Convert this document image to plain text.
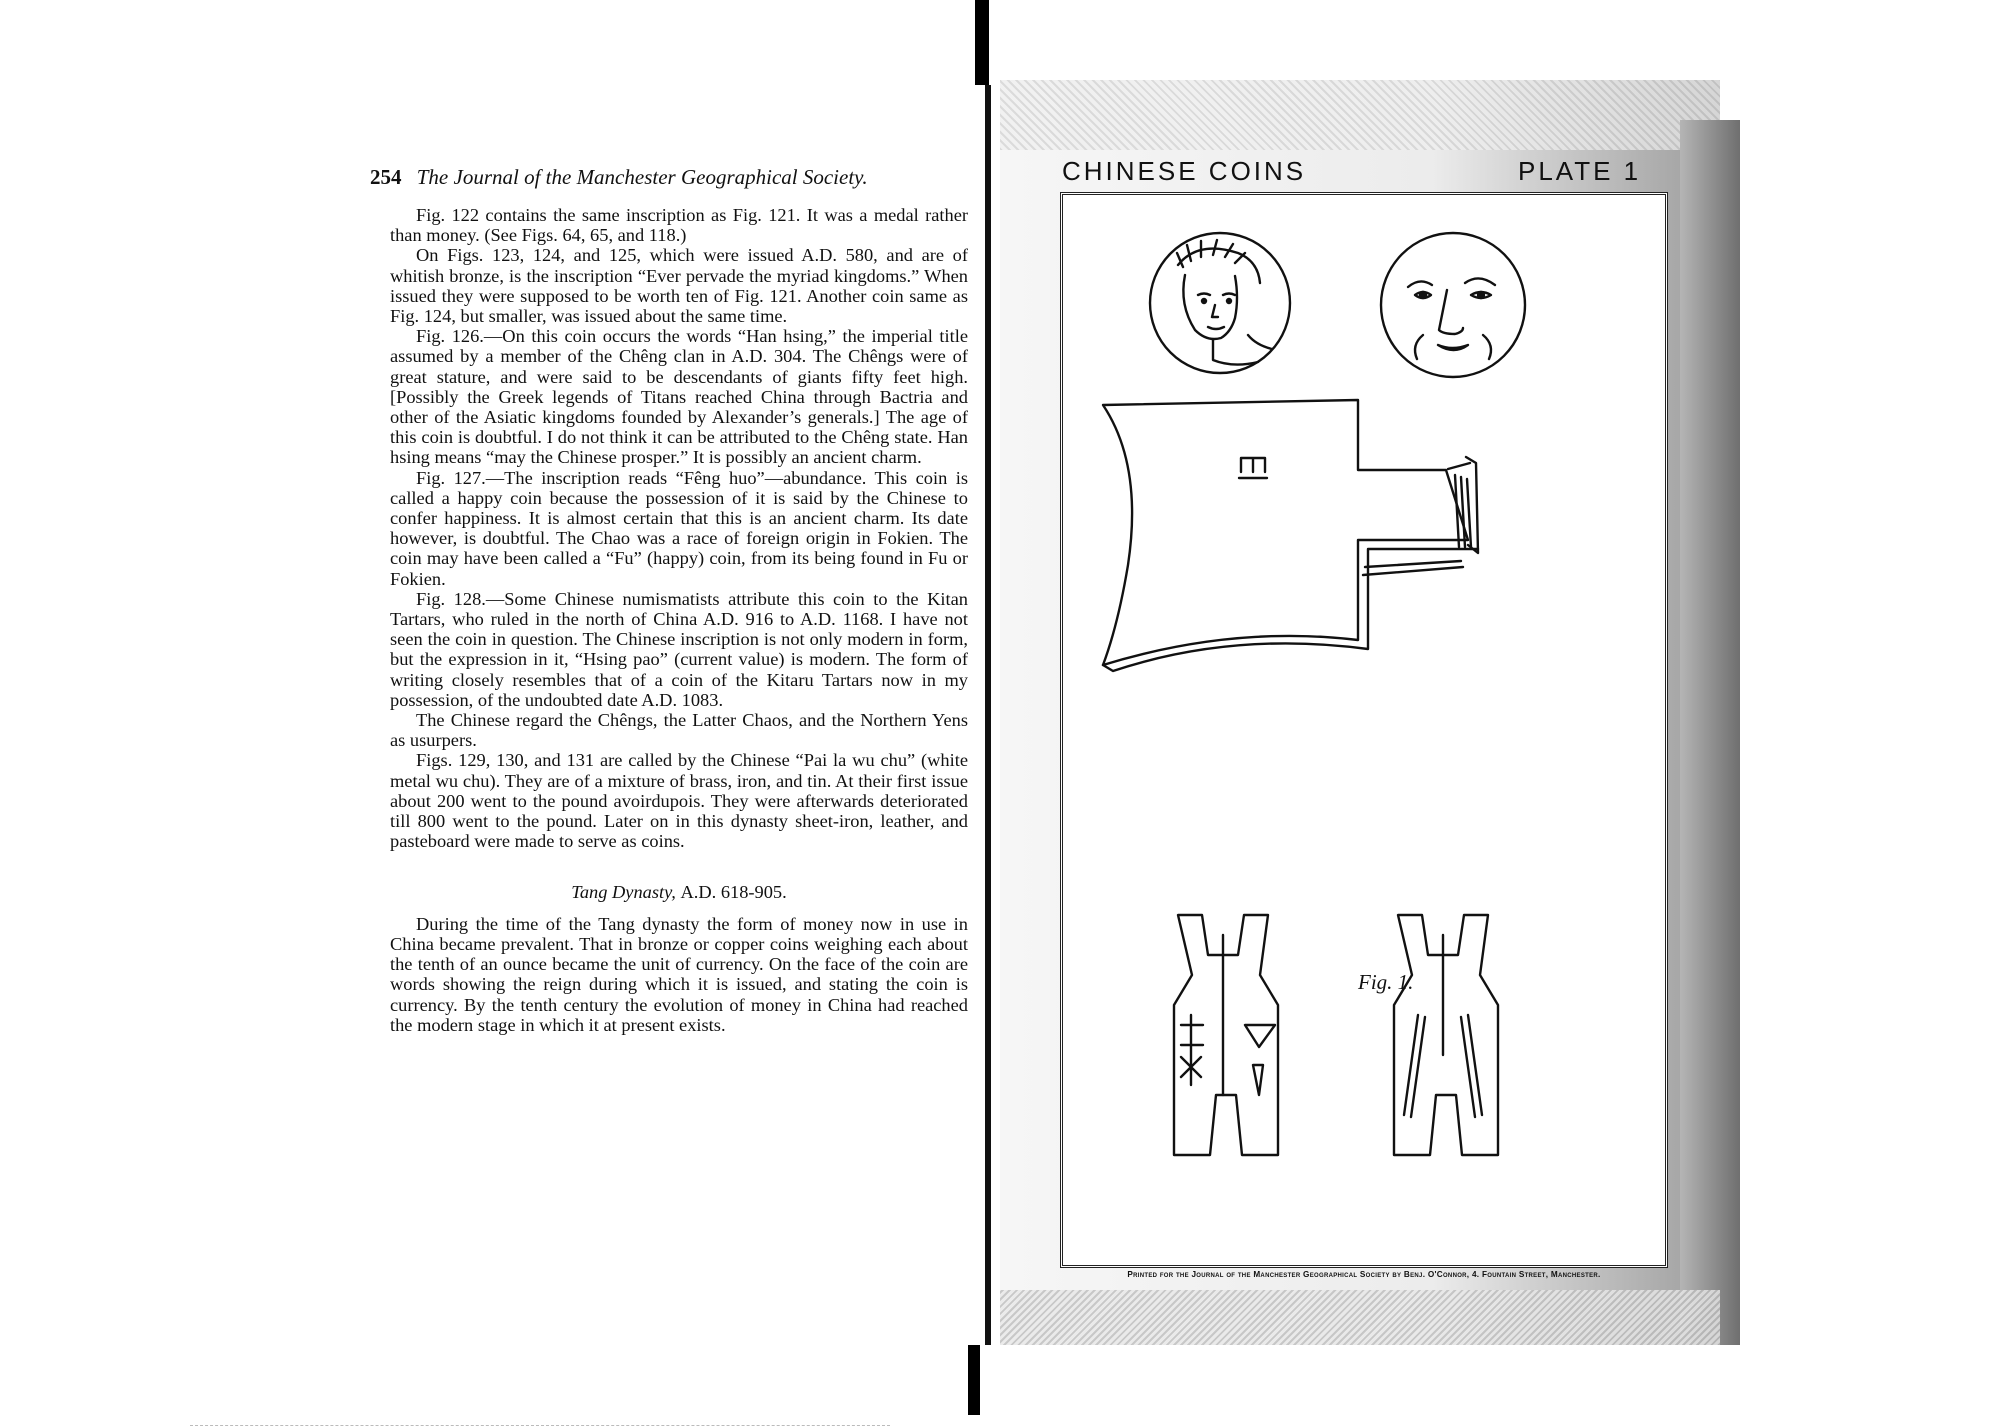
254 The Journal of the Manchester Geographical Society.

Fig. 122 contains the same inscription as Fig. 121. It was a medal rather than money. (See Figs. 64, 65, and 118.)

On Figs. 123, 124, and 125, which were issued A.D. 580, and are of whitish bronze, is the inscription “Ever pervade the myriad kingdoms.” When issued they were supposed to be worth ten of Fig. 121. Another coin same as Fig. 124, but smaller, was issued about the same time.

Fig. 126.—On this coin occurs the words “Han hsing,” the imperial title assumed by a member of the Chêng clan in A.D. 304. The Chêngs were of great stature, and were said to be descendants of giants fifty feet high. [Possibly the Greek legends of Titans reached China through Bactria and other of the Asiatic kingdoms founded by Alexander’s generals.] The age of this coin is doubtful. I do not think it can be attributed to the Chêng state. Han hsing means “may the Chinese prosper.” It is possibly an ancient charm.

Fig. 127.—The inscription reads “Fêng huo”—abundance. This coin is called a happy coin because the possession of it is said by the Chinese to confer happiness. It is almost certain that this is an ancient charm. Its date however, is doubtful. The Chao was a race of foreign origin in Fokien. The coin may have been called a “Fu” (happy) coin, from its being found in Fu or Fokien.

Fig. 128.—Some Chinese numismatists attribute this coin to the Kitan Tartars, who ruled in the north of China A.D. 916 to A.D. 1168. I have not seen the coin in question. The Chinese inscription is not only modern in form, but the expression in it, “Hsing pao” (current value) is modern. The form of writing closely resembles that of a coin of the Kitaru Tartars now in my possession, of the undoubted date A.D. 1083.

The Chinese regard the Chêngs, the Latter Chaos, and the Northern Yens as usurpers.

Figs. 129, 130, and 131 are called by the Chinese “Pai la wu chu” (white metal wu chu). They are of a mixture of brass, iron, and tin. At their first issue about 200 went to the pound avoirdupois. They were afterwards deteriorated till 800 went to the pound. Later on in this dynasty sheet-iron, leather, and pasteboard were made to serve as coins.

Tang Dynasty, A.D. 618-905.

During the time of the Tang dynasty the form of money now in use in China became prevalent. That in bronze or copper coins weighing each about the tenth of an ounce became the unit of currency. On the face of the coin are words showing the reign during which it is issued, and stating the coin is currency. By the tenth century the evolution of money in China had reached the modern stage in which it at present exists.

CHINESE COINS	PLATE 1
Fig. 1.
Printed for the Journal of the Manchester Geographical Society by Benj. O'Connor, 4. Fountain Street, Manchester.
